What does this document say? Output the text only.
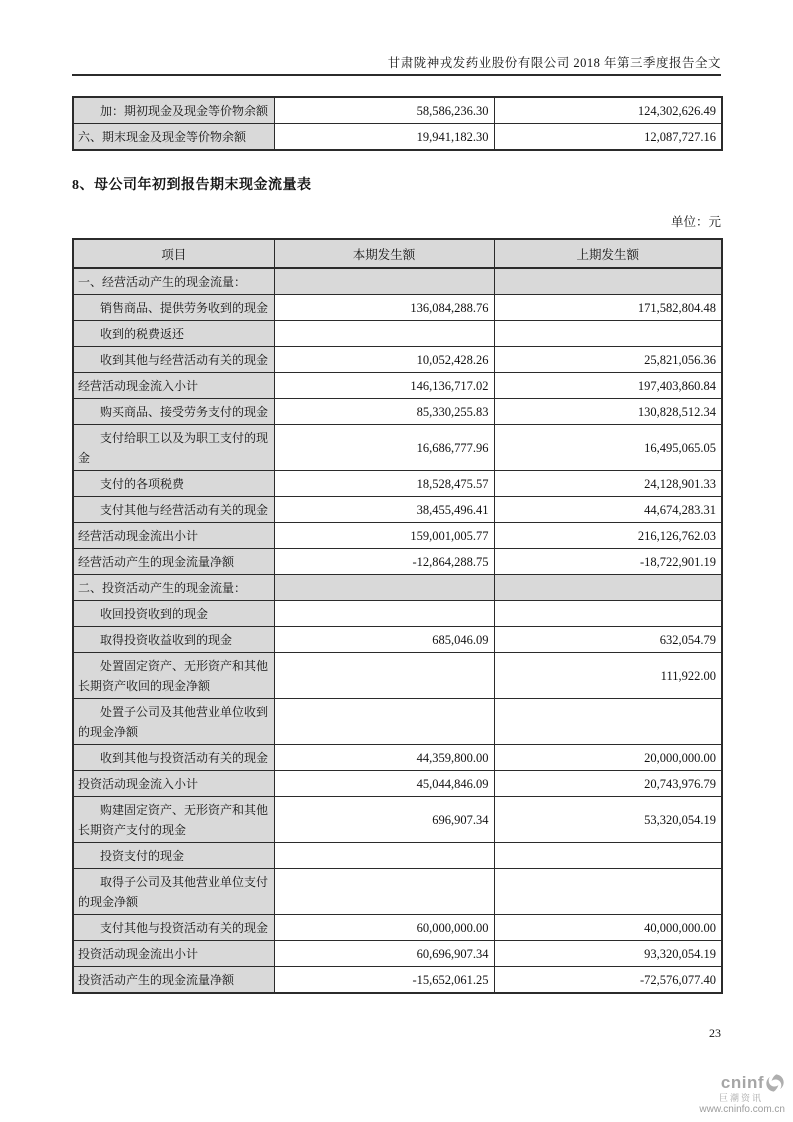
甘肃陇神戎发药业股份有限公司 2018 年第三季度报告全文
加：期初现金及现金等价物余额	58,586,236.30	124,302,626.49
六、期末现金及现金等价物余额	19,941,182.30	12,087,727.16
8、母公司年初到报告期末现金流量表
单位：元
项目	本期发生额	上期发生额
一、经营活动产生的现金流量：		
销售商品、提供劳务收到的现金	136,084,288.76	171,582,804.48
收到的税费返还		
收到其他与经营活动有关的现金	10,052,428.26	25,821,056.36
经营活动现金流入小计	146,136,717.02	197,403,860.84
购买商品、接受劳务支付的现金	85,330,255.83	130,828,512.34
支付给职工以及为职工支付的现金	16,686,777.96	16,495,065.05
支付的各项税费	18,528,475.57	24,128,901.33
支付其他与经营活动有关的现金	38,455,496.41	44,674,283.31
经营活动现金流出小计	159,001,005.77	216,126,762.03
经营活动产生的现金流量净额	-12,864,288.75	-18,722,901.19
二、投资活动产生的现金流量：		
收回投资收到的现金		
取得投资收益收到的现金	685,046.09	632,054.79
处置固定资产、无形资产和其他长期资产收回的现金净额		111,922.00
处置子公司及其他营业单位收到的现金净额		
收到其他与投资活动有关的现金	44,359,800.00	20,000,000.00
投资活动现金流入小计	45,044,846.09	20,743,976.79
购建固定资产、无形资产和其他长期资产支付的现金	696,907.34	53,320,054.19
投资支付的现金		
取得子公司及其他营业单位支付的现金净额		
支付其他与投资活动有关的现金	60,000,000.00	40,000,000.00
投资活动现金流出小计	60,696,907.34	93,320,054.19
投资活动产生的现金流量净额	-15,652,061.25	-72,576,077.40
23
cninf
巨潮资讯
www.cninfo.com.cn
